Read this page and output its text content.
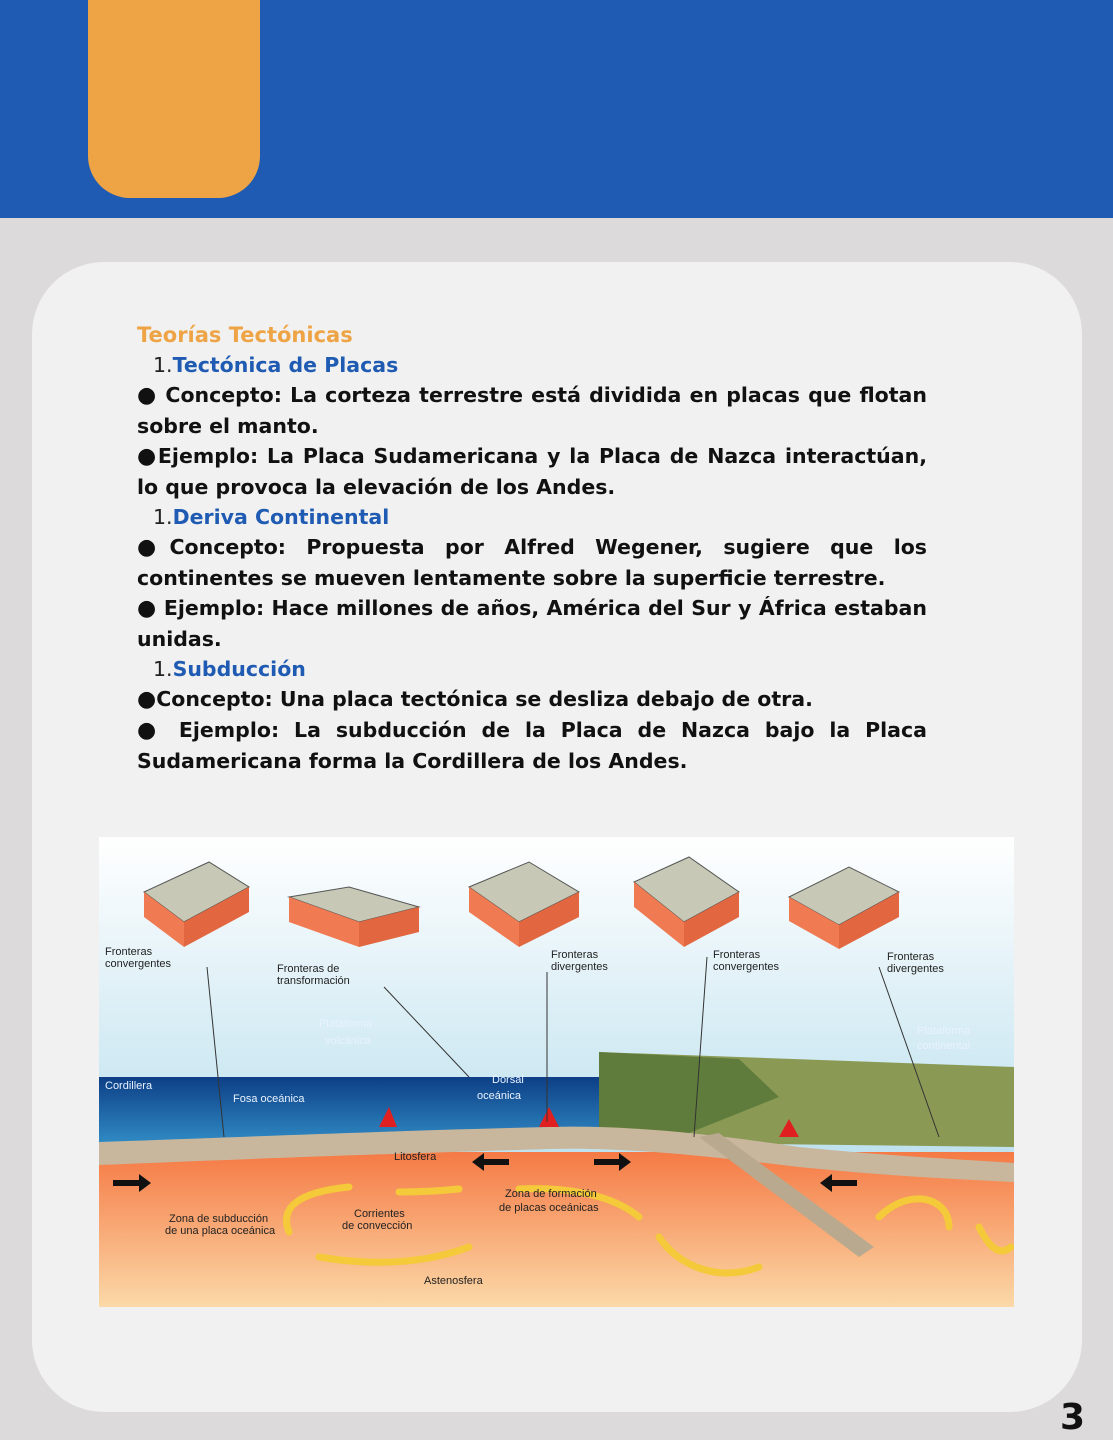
Teorías Tectónicas

1.Tectónica de Placas

● Concepto: La corteza terrestre está dividida en placas que flotan sobre el manto.

●Ejemplo: La Placa Sudamericana y la Placa de Nazca interactúan, lo que provoca la elevación de los Andes.

1.Deriva Continental

●Concepto: Propuesta por Alfred Wegener, sugiere que los continentes se mueven lentamente sobre la superficie terrestre.

● Ejemplo: Hace millones de años, América del Sur y África estaban unidas.

1.Subducción

●Concepto: Una placa tectónica se desliza debajo de otra.

● Ejemplo: La subducción de la Placa de Nazca bajo la Placa Sudamericana forma la Cordillera de los Andes.

Fronteras
convergentes	Fronteras de
transformación
Fronteras
divergentes
Fronteras
convergentes
Fronteras
divergentes
Plataforma
volcánica
Plataforma
continental
Cordillera
Fosa oceánica
Dorsal
oceánica
Litosfera
Zona de subducción
de una placa oceánica
Corrientes
de convección
Zona de formación
de placas oceánicas
Astenosfera
3
